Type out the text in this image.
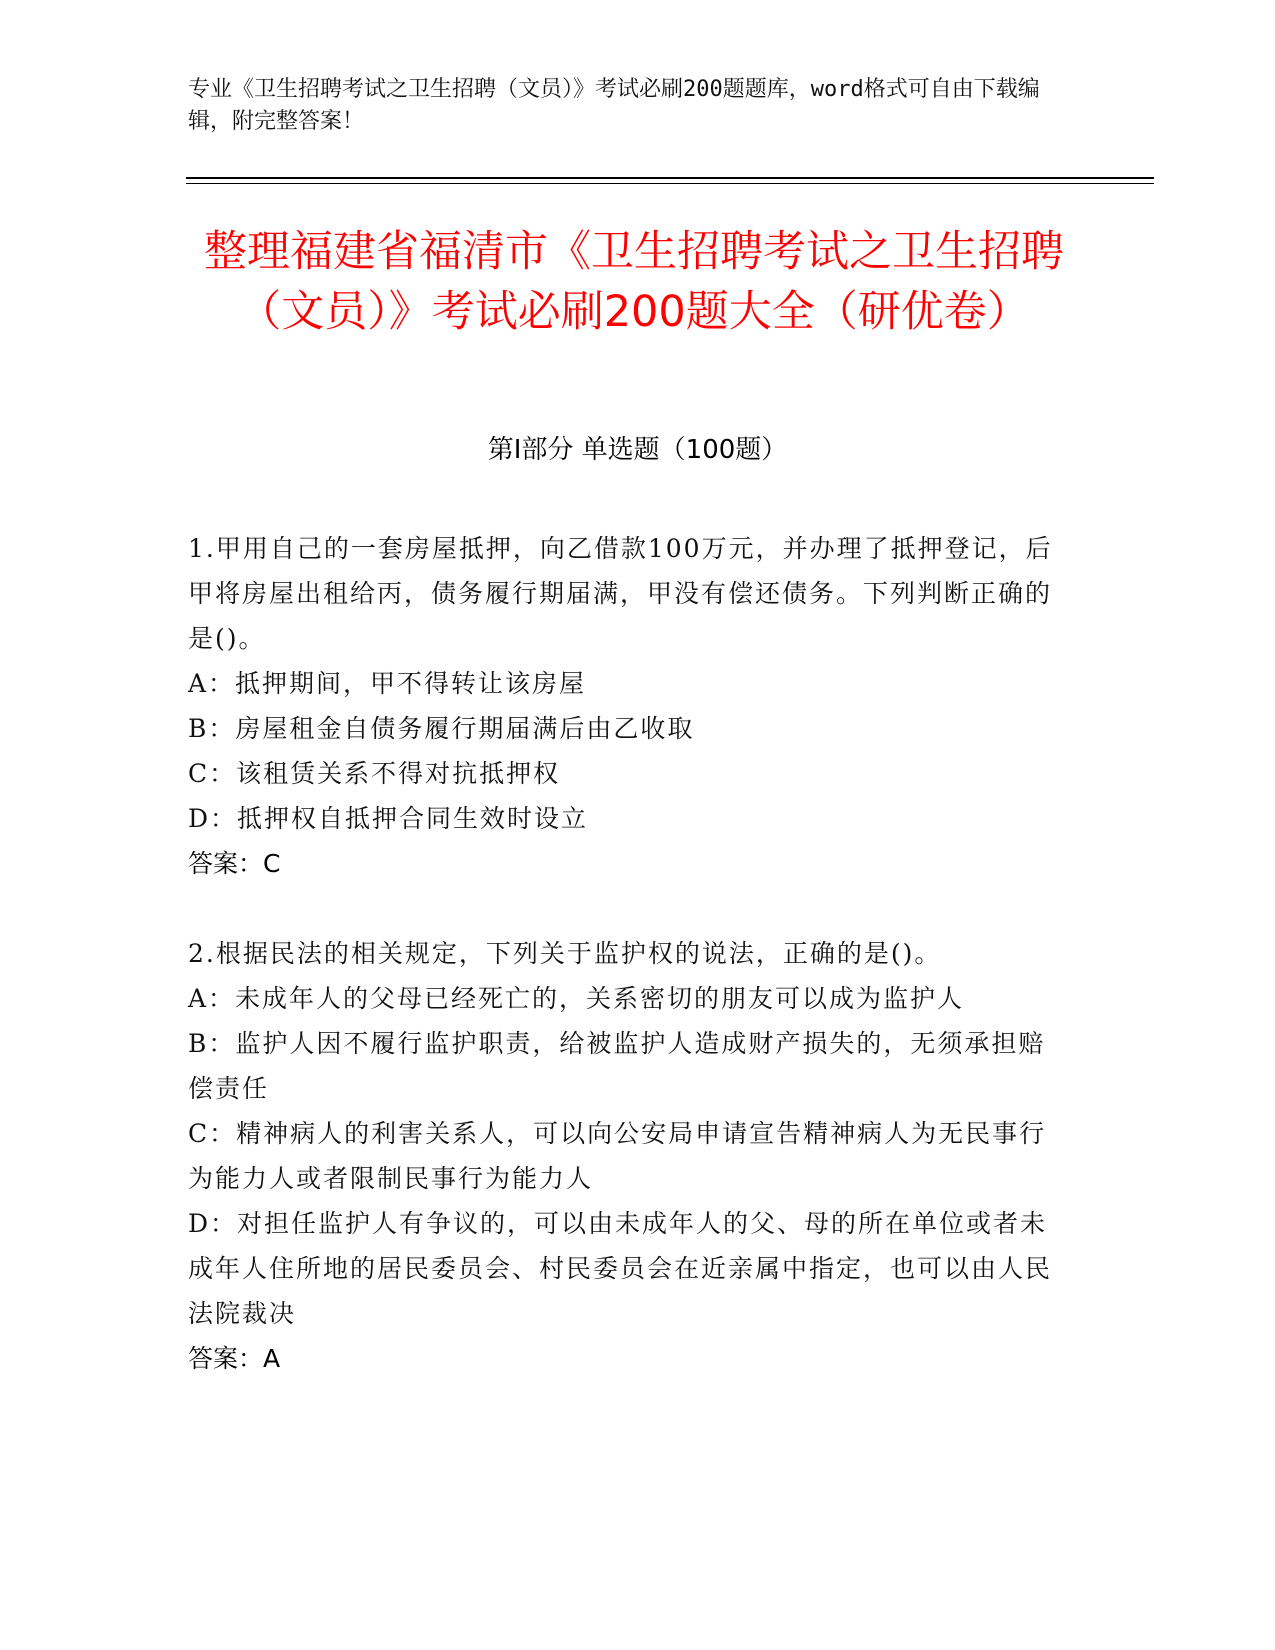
专业《卫生招聘考试之卫生招聘（文员）》考试必刷200题题库，word格式可自由下载编辑，附完整答案！
整理福建省福清市《卫生招聘考试之卫生招聘（文员）》考试必刷200题大全（研优卷）
第I部分 单选题（100题）
1.甲用自己的一套房屋抵押，向乙借款100万元，并办理了抵押登记，后甲将房屋出租给丙，债务履行期届满，甲没有偿还债务。下列判断正确的是()。
A：抵押期间，甲不得转让该房屋
B：房屋租金自债务履行期届满后由乙收取
C：该租赁关系不得对抗抵押权
D：抵押权自抵押合同生效时设立
答案：C
2.根据民法的相关规定，下列关于监护权的说法，正确的是()。
A：未成年人的父母已经死亡的，关系密切的朋友可以成为监护人
B：监护人因不履行监护职责，给被监护人造成财产损失的，无须承担赔偿责任
C：精神病人的利害关系人，可以向公安局申请宣告精神病人为无民事行为能力人或者限制民事行为能力人
D：对担任监护人有争议的，可以由未成年人的父、母的所在单位或者未成年人住所地的居民委员会、村民委员会在近亲属中指定，也可以由人民法院裁决
答案：A
